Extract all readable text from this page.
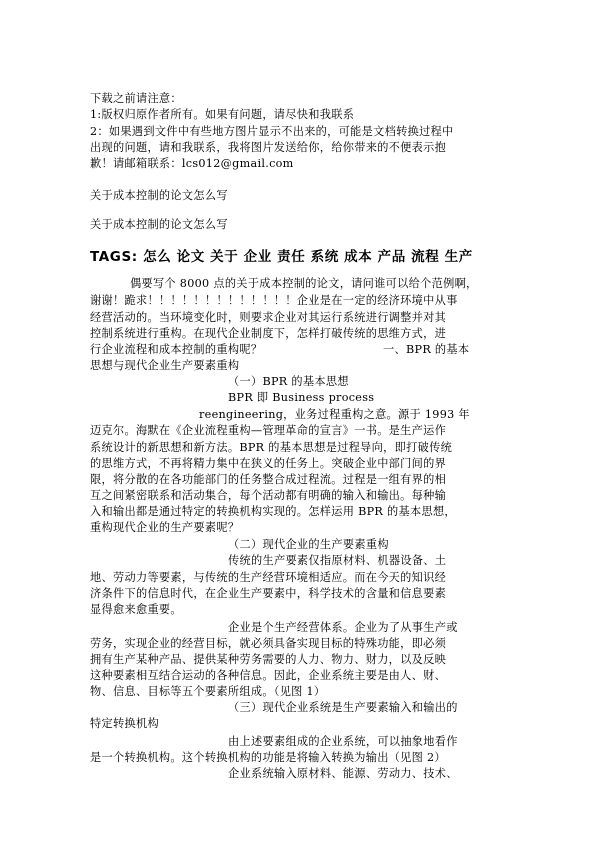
下载之前请注意：
1:版权归原作者所有。如果有问题，请尽快和我联系
2：如果遇到文件中有些地方图片显示不出来的，可能是文档转换过程中
出现的问题，请和我联系，我将图片发送给你，给你带来的不便表示抱
歉！请邮箱联系：lcs012@gmail.com
关于成本控制的论文怎么写
关于成本控制的论文怎么写
TAGS: 怎么 论文 关于 企业 责任 系统 成本 产品 流程 生产
偶要写个 8000 点的关于成本控制的论文，请问谁可以给个范例啊，
谢谢！跪求！！！！！！！！！！！！！企业是在一定的经济环境中从事
经营活动的。当环境变化时，则要求企业对其运行系统进行调整并对其
控制系统进行重构。在现代企业制度下，怎样打破传统的思维方式，进
行企业流程和成本控制的重构呢？	一、BPR 的基本
思想与现代企业生产要素重构
（一）BPR 的基本思想
BPR 即 Business process
reengineering，业务过程重构之意。源于 1993 年
迈克尔。海默在《企业流程重构—管理革命的宣言》一书。是生产运作
系统设计的新思想和新方法。BPR 的基本思想是过程导向，即打破传统
的思维方式，不再将精力集中在狭义的任务上。突破企业中部门间的界
限，将分散的在各功能部门的任务整合成过程流。过程是一组有界的相
互之间紧密联系和活动集合，每个活动都有明确的输入和输出。每种输
入和输出都是通过特定的转换机构实现的。怎样运用 BPR 的基本思想，
重构现代企业的生产要素呢？
（二）现代企业的生产要素重构
传统的生产要素仅指原材料、机器设备、土
地、劳动力等要素，与传统的生产经营环境相适应。而在今天的知识经
济条件下的信息时代，在企业生产要素中，科学技术的含量和信息要素
显得愈来愈重要。
企业是个生产经营体系。企业为了从事生产或
劳务，实现企业的经营目标，就必须具备实现目标的特殊功能，即必须
拥有生产某种产品、提供某种劳务需要的人力、物力、财力，以及反映
这种要素相互结合运动的各种信息。因此，企业系统主要是由人、财、
物、信息、目标等五个要素所组成。（见图 1）
（三）现代企业系统是生产要素输入和输出的
特定转换机构
由上述要素组成的企业系统，可以抽象地看作
是一个转换机构。这个转换机构的功能是将输入转换为输出（见图 2）
企业系统输入原材料、能源、劳动力、技术、
